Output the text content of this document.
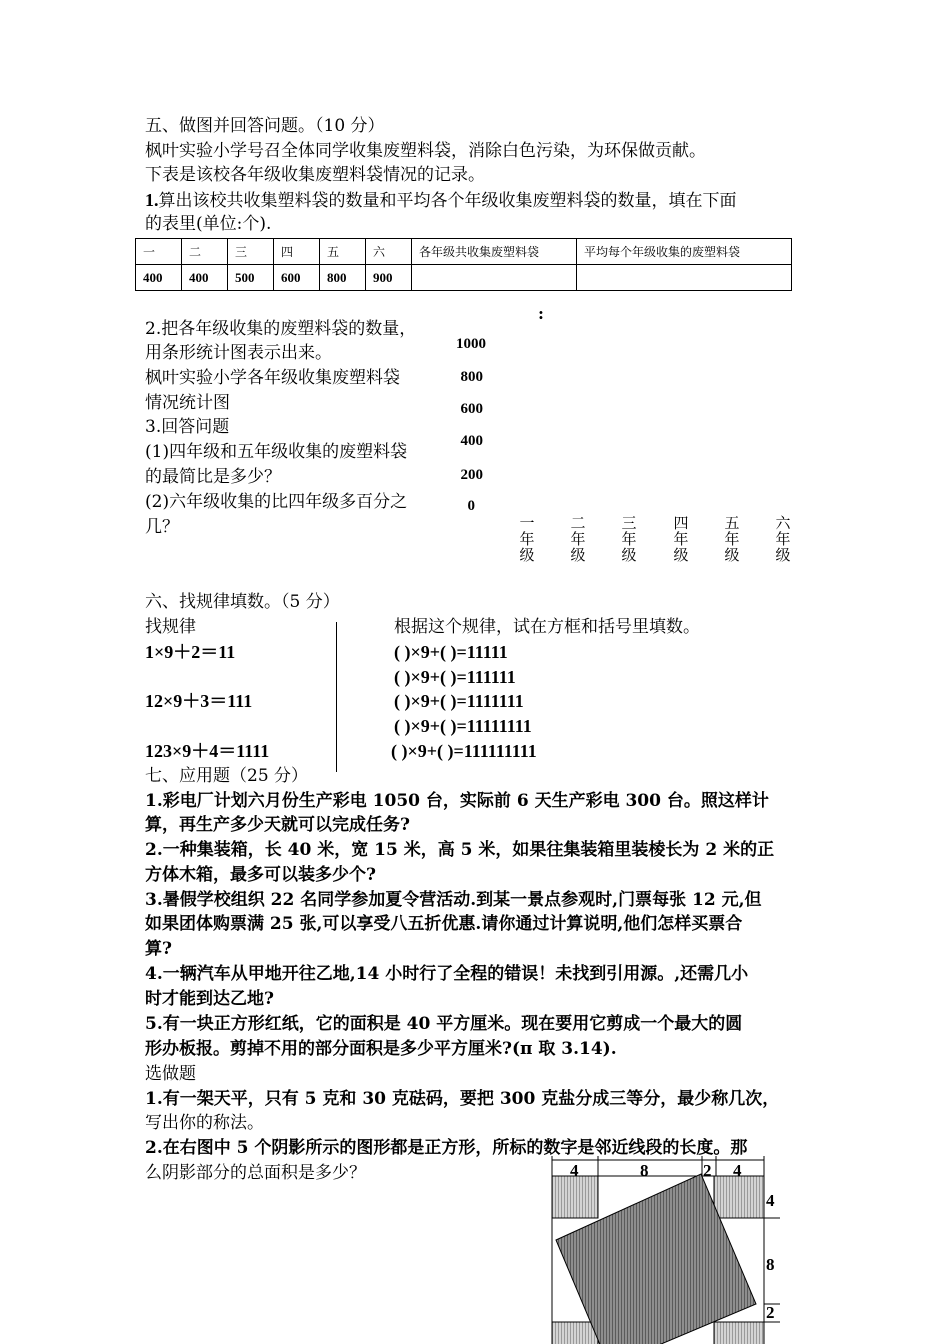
五、做图并回答问题。（10 分）
枫叶实验小学号召全体同学收集废塑料袋，消除白色污染，为环保做贡献。
下表是该校各年级收集废塑料袋情况的记录。
1.算出该校共收集塑料袋的数量和平均各个年级收集废塑料袋的数量，填在下面
的表里(单位:个).
一	二	三	四	五	六	各年级共收集废塑料袋	平均每个年级收集的废塑料袋
400	400	500	600	800	900		
:
2.把各年级收集的废塑料袋的数量，
用条形统计图表示出来。
枫叶实验小学各年级收集废塑料袋
情况统计图
3.回答问题
(1)四年级和五年级收集的废塑料袋
的最简比是多少？
(2)六年级收集的比四年级多百分之
几？
1000
800
600
400
200
0
一
年
级
二
年
级
三
年
级
四
年
级
五
年
级
六
年
级
六、找规律填数。（5 分）
找规律	根据这个规律，试在方框和括号里填数。
1×9＋2＝11
12×9＋3＝111
123×9＋4＝1111
( )×9+( )=11111
( )×9+( )=111111
( )×9+( )=1111111
( )×9+( )=11111111
( )×9+( )=111111111
七、应用题（25 分）
1.彩电厂计划六月份生产彩电 1050 台，实际前 6 天生产彩电 300 台。照这样计
算，再生产多少天就可以完成任务?
2.一种集装箱，长 40 米，宽 15 米，高 5 米，如果往集装箱里装棱长为 2 米的正
方体木箱，最多可以装多少个?
3.暑假学校组织 22 名同学参加夏令营活动.到某一景点参观时,门票每张 12 元,但
如果团体购票满 25 张,可以享受八五折优惠.请你通过计算说明,他们怎样买票合
算?
4.一辆汽车从甲地开往乙地,14 小时行了全程的错误！未找到引用源。,还需几小
时才能到达乙地?
5.有一块正方形红纸，它的面积是 40 平方厘米。现在要用它剪成一个最大的圆
形办板报。剪掉不用的部分面积是多少平方厘米?(π 取 3.14).
选做题
1.有一架天平，只有 5 克和 30 克砝码，要把 300 克盐分成三等分，最少称几次，
写出你的称法。
2.在右图中 5 个阴影所示的图形都是正方形，所标的数字是邻近线段的长度。那
么阴影部分的总面积是多少？	4	8	2 4
4
8
2
